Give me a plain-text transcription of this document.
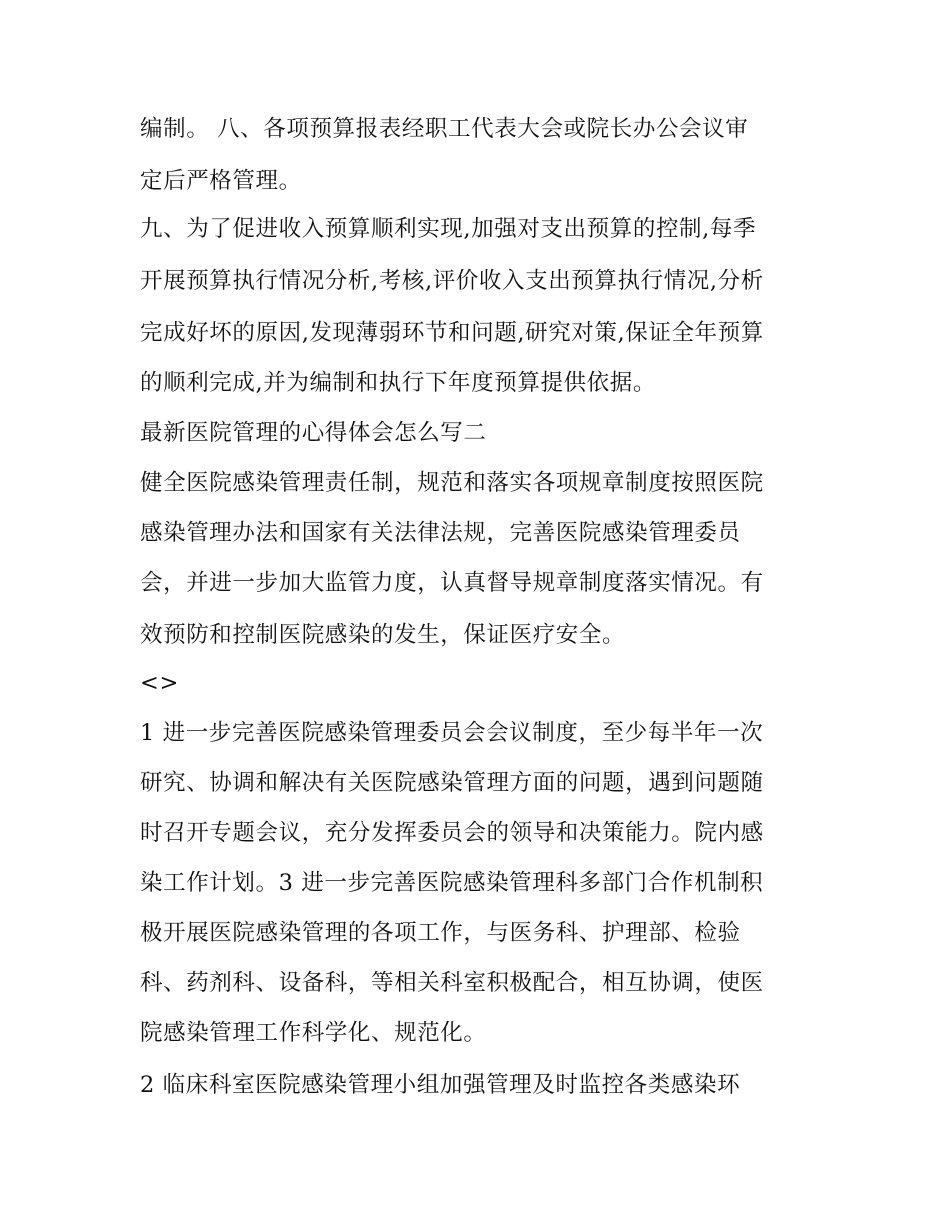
编制。 八、各项预算报表经职工代表大会或院长办公会议审
定后严格管理。
九、为了促进收入预算顺利实现,加强对支出预算的控制,每季
开展预算执行情况分析,考核,评价收入支出预算执行情况,分析
完成好坏的原因,发现薄弱环节和问题,研究对策,保证全年预算
的顺利完成,并为编制和执行下年度预算提供依据。
最新医院管理的心得体会怎么写二
健全医院感染管理责任制，规范和落实各项规章制度按照医院
感染管理办法和国家有关法律法规，完善医院感染管理委员
会，并进一步加大监管力度，认真督导规章制度落实情况。有
效预防和控制医院感染的发生，保证医疗安全。
<>
1 进一步完善医院感染管理委员会会议制度，至少每半年一次
研究、协调和解决有关医院感染管理方面的问题，遇到问题随
时召开专题会议，充分发挥委员会的领导和决策能力。院内感
染工作计划。3 进一步完善医院感染管理科多部门合作机制积
极开展医院感染管理的各项工作，与医务科、护理部、检验
科、药剂科、设备科，等相关科室积极配合，相互协调，使医
院感染管理工作科学化、规范化。
2 临床科室医院感染管理小组加强管理及时监控各类感染环
